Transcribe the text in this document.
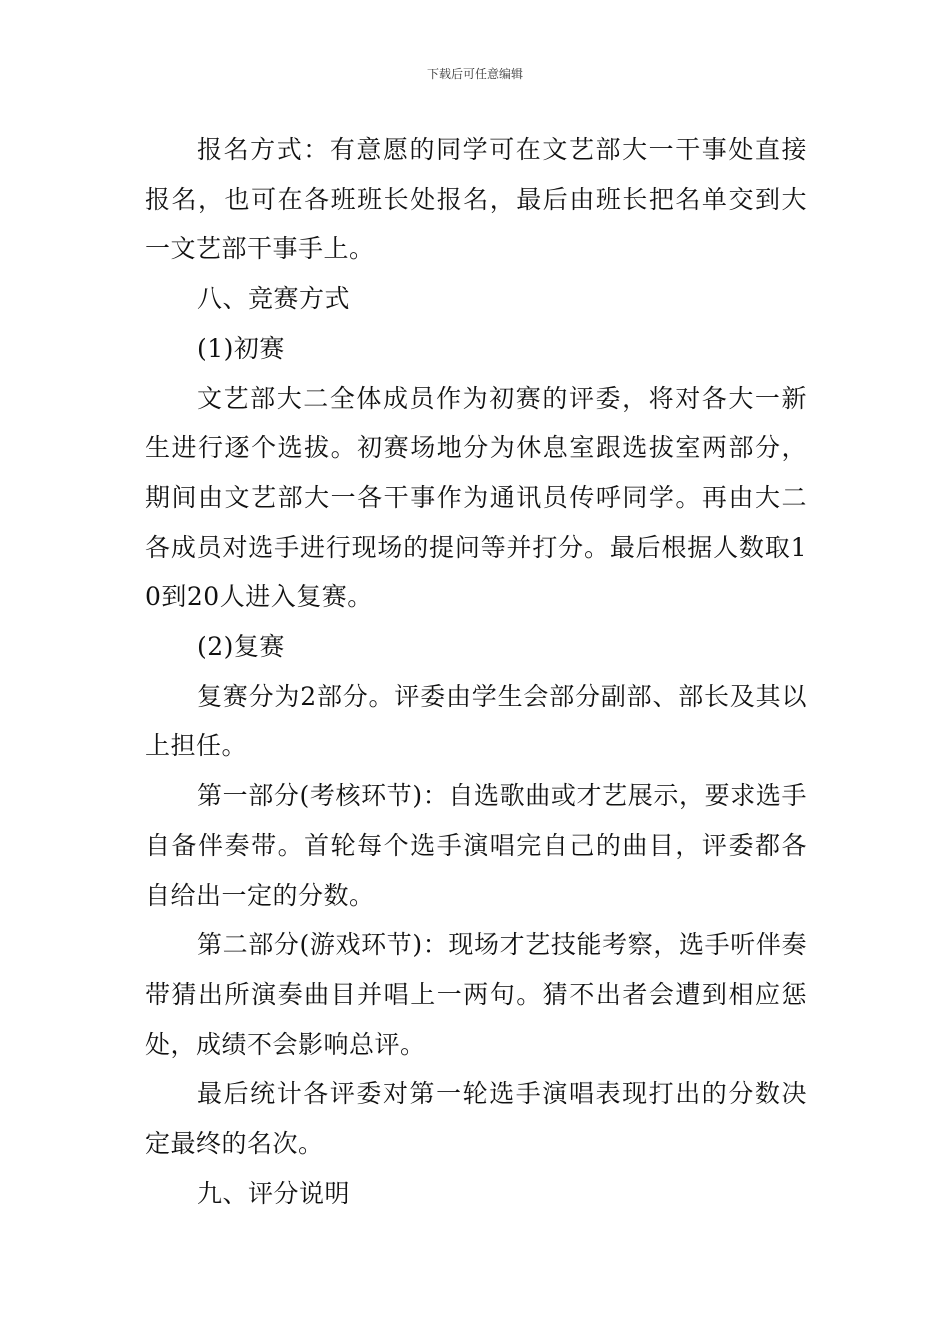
下载后可任意编辑

报名方式：有意愿的同学可在文艺部大一干事处直接报名，也可在各班班长处报名，最后由班长把名单交到大一文艺部干事手上。

八、竞赛方式

(1)初赛

文艺部大二全体成员作为初赛的评委，将对各大一新生进行逐个选拔。初赛场地分为休息室跟选拔室两部分，期间由文艺部大一各干事作为通讯员传呼同学。再由大二各成员对选手进行现场的提问等并打分。最后根据人数取10到20人进入复赛。

(2)复赛

复赛分为2部分。评委由学生会部分副部、部长及其以上担任。

第一部分(考核环节)：自选歌曲或才艺展示，要求选手自备伴奏带。首轮每个选手演唱完自己的曲目，评委都各自给出一定的分数。

第二部分(游戏环节)：现场才艺技能考察，选手听伴奏带猜出所演奏曲目并唱上一两句。猜不出者会遭到相应惩处，成绩不会影响总评。

最后统计各评委对第一轮选手演唱表现打出的分数决定最终的名次。

九、评分说明
